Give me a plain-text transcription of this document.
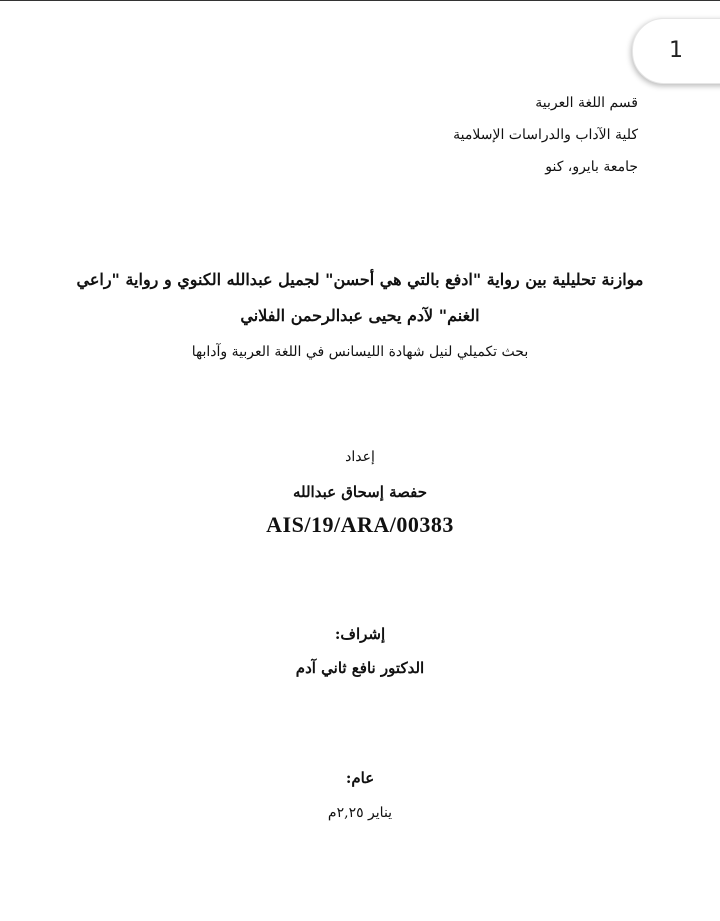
1
قسم اللغة العربية
كلية الآداب والدراسات الإسلامية
جامعة بايرو، كنو
موازنة تحليلية بين رواية "ادفع بالتي هي أحسن" لجميل عبدالله الكنوي و رواية "راعي
الغنم" لآدم يحيى عبدالرحمن الفلاني
بحث تكميلي لنيل شهادة الليسانس في اللغة العربية وآدابها
إعداد
حفصة إسحاق عبدالله
AIS/19/ARA/00383
إشراف:
الدكتور نافع ثاني آدم
عام:
يناير ٢,٢٥م
